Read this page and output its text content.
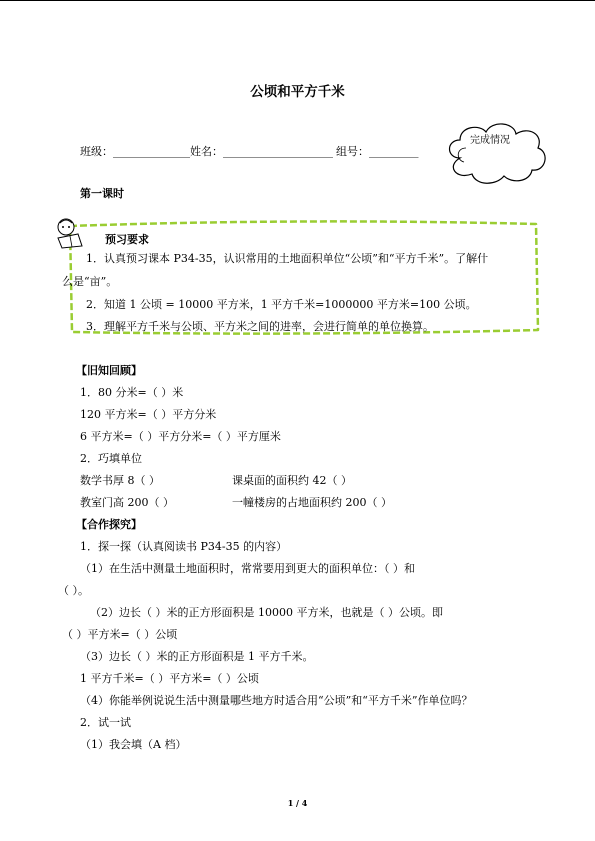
公顷和平方千米
班级：______________ 姓名：____________________ 组号：_________
完成情况
第一课时
预习要求
1．认真预习课本 P34-35，认识常用的土地面积单位“公顷”和“平方千米”。了解什
么是“亩”。
2．知道 1 公顷 = 10000 平方米，1 平方千米=1000000 平方米=100 公顷。
3．理解平方千米与公顷、平方米之间的进率，会进行简单的单位换算。
【旧知回顾】
1．80 分米=（ ）米
120 平方米=（ ）平方分米
6 平方米=（ ）平方分米=（ ）平方厘米
2．巧填单位
数学书厚 8（ ）	课桌面的面积约 42（ ）
教室门高 200（ ）	一幢楼房的占地面积约 200（ ）
【合作探究】
1．探一探（认真阅读书 P34-35 的内容）
（1）在生活中测量土地面积时，常常要用到更大的面积单位：（ ）和
（ ）。
（2）边长（ ）米的正方形面积是 10000 平方米，也就是（ ）公顷。即
（ ）平方米=（ ）公顷
（3）边长（ ）米的正方形面积是 1 平方千米。
1 平方千米=（ ）平方米=（ ）公顷
（4）你能举例说说生活中测量哪些地方时适合用“公顷”和“平方千米”作单位吗？
2．试一试
（1）我会填（A 档）
1 / 4
